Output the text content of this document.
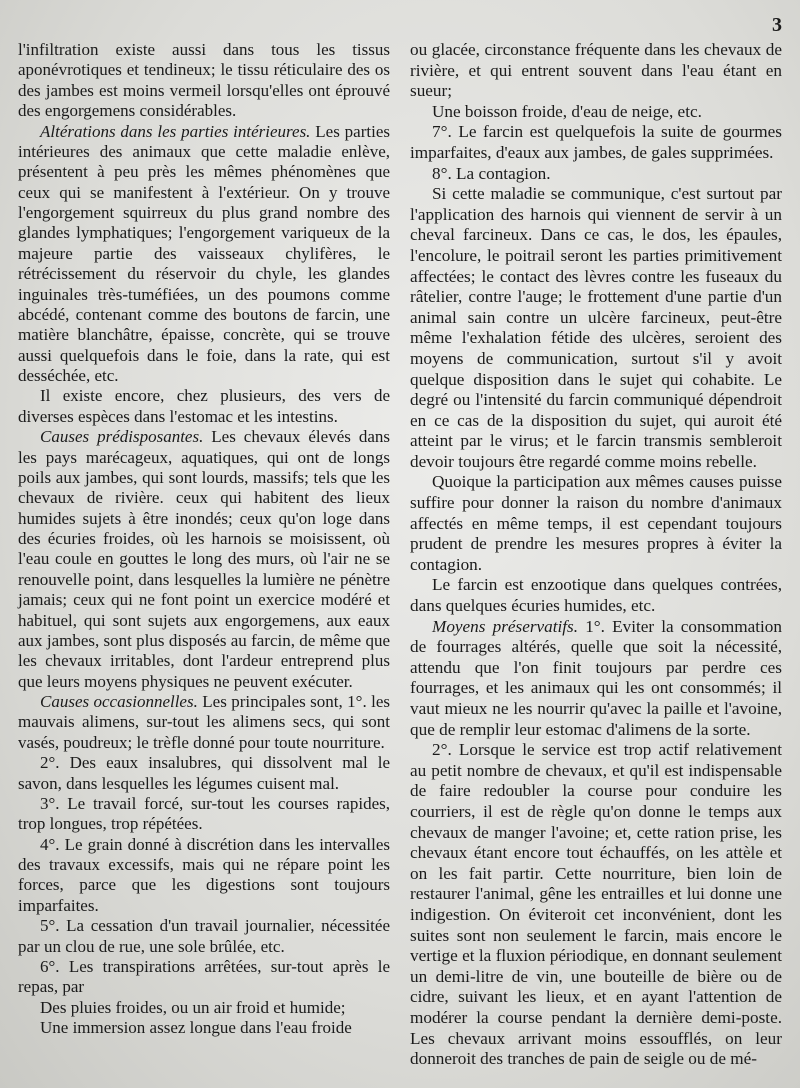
3

l'infiltration existe aussi dans tous les tissus aponévrotiques et tendineux; le tissu réticulaire des os des jambes est moins vermeil lorsqu'elles ont éprouvé des engorgemens considérables.

Altérations dans les parties intérieures. Les parties intérieures des animaux que cette maladie enlève, présentent à peu près les mêmes phénomènes que ceux qui se manifestent à l'extérieur. On y trouve l'engorgement squirreux du plus grand nombre des glandes lymphatiques; l'engorgement variqueux de la majeure partie des vaisseaux chylifères, le rétrécissement du réservoir du chyle, les glandes inguinales très-tuméfiées, un des poumons comme abcédé, contenant comme des boutons de farcin, une matière blanchâtre, épaisse, concrète, qui se trouve aussi quelquefois dans le foie, dans la rate, qui est desséchée, etc.

Il existe encore, chez plusieurs, des vers de diverses espèces dans l'estomac et les intestins.

Causes prédisposantes. Les chevaux élevés dans les pays marécageux, aquatiques, qui ont de longs poils aux jambes, qui sont lourds, massifs; tels que les chevaux de rivière. ceux qui habitent des lieux humides sujets à être inondés; ceux qu'on loge dans des écuries froides, où les harnois se moisissent, où l'eau coule en gouttes le long des murs, où l'air ne se renouvelle point, dans lesquelles la lumière ne pénètre jamais; ceux qui ne font point un exercice modéré et habituel, qui sont sujets aux engorgemens, aux eaux aux jambes, sont plus disposés au farcin, de même que les chevaux irritables, dont l'ardeur entreprend plus que leurs moyens physiques ne peuvent exécuter.

Causes occasionnelles. Les principales sont, 1°. les mauvais alimens, sur-tout les alimens secs, qui sont vasés, poudreux; le trèfle donné pour toute nourriture.

2°. Des eaux insalubres, qui dissolvent mal le savon, dans lesquelles les légumes cuisent mal.

3°. Le travail forcé, sur-tout les courses rapides, trop longues, trop répétées.

4°. Le grain donné à discrétion dans les intervalles des travaux excessifs, mais qui ne répare point les forces, parce que les digestions sont toujours imparfaites.

5°. La cessation d'un travail journalier, nécessitée par un clou de rue, une sole brûlée, etc.

6°. Les transpirations arrêtées, sur-tout après le repas, par

Des pluies froides, ou un air froid et humide;

Une immersion assez longue dans l'eau froide

ou glacée, circonstance fréquente dans les chevaux de rivière, et qui entrent souvent dans l'eau étant en sueur;

Une boisson froide, d'eau de neige, etc.

7°. Le farcin est quelquefois la suite de gourmes imparfaites, d'eaux aux jambes, de gales supprimées.

8°. La contagion.

Si cette maladie se communique, c'est surtout par l'application des harnois qui viennent de servir à un cheval farcineux. Dans ce cas, le dos, les épaules, l'encolure, le poitrail seront les parties primitivement affectées; le contact des lèvres contre les fuseaux du râtelier, contre l'auge; le frottement d'une partie d'un animal sain contre un ulcère farcineux, peut-être même l'exhalation fétide des ulcères, seroient des moyens de communication, surtout s'il y avoit quelque disposition dans le sujet qui cohabite. Le degré ou l'intensité du farcin communiqué dépendroit en ce cas de la disposition du sujet, qui auroit été atteint par le virus; et le farcin transmis sembleroit devoir toujours être regardé comme moins rebelle.

Quoique la participation aux mêmes causes puisse suffire pour donner la raison du nombre d'animaux affectés en même temps, il est cependant toujours prudent de prendre les mesures propres à éviter la contagion.

Le farcin est enzootique dans quelques contrées, dans quelques écuries humides, etc.

Moyens préservatifs. 1°. Eviter la consommation de fourrages altérés, quelle que soit la nécessité, attendu que l'on finit toujours par perdre ces fourrages, et les animaux qui les ont consommés; il vaut mieux ne les nourrir qu'avec la paille et l'avoine, que de remplir leur estomac d'alimens de la sorte.

2°. Lorsque le service est trop actif relativement au petit nombre de chevaux, et qu'il est indispensable de faire redoubler la course pour conduire les courriers, il est de règle qu'on donne le temps aux chevaux de manger l'avoine; et, cette ration prise, les chevaux étant encore tout échauffés, on les attèle et on les fait partir. Cette nourriture, bien loin de restaurer l'animal, gêne les entrailles et lui donne une indigestion. On éviteroit cet inconvénient, dont les suites sont non seulement le farcin, mais encore le vertige et la fluxion périodique, en donnant seulement un demi-litre de vin, une bouteille de bière ou de cidre, suivant les lieux, et en ayant l'attention de modérer la course pendant la dernière demi-poste. Les chevaux arrivant moins essoufflés, on leur donneroit des tranches de pain de seigle ou de mé-
